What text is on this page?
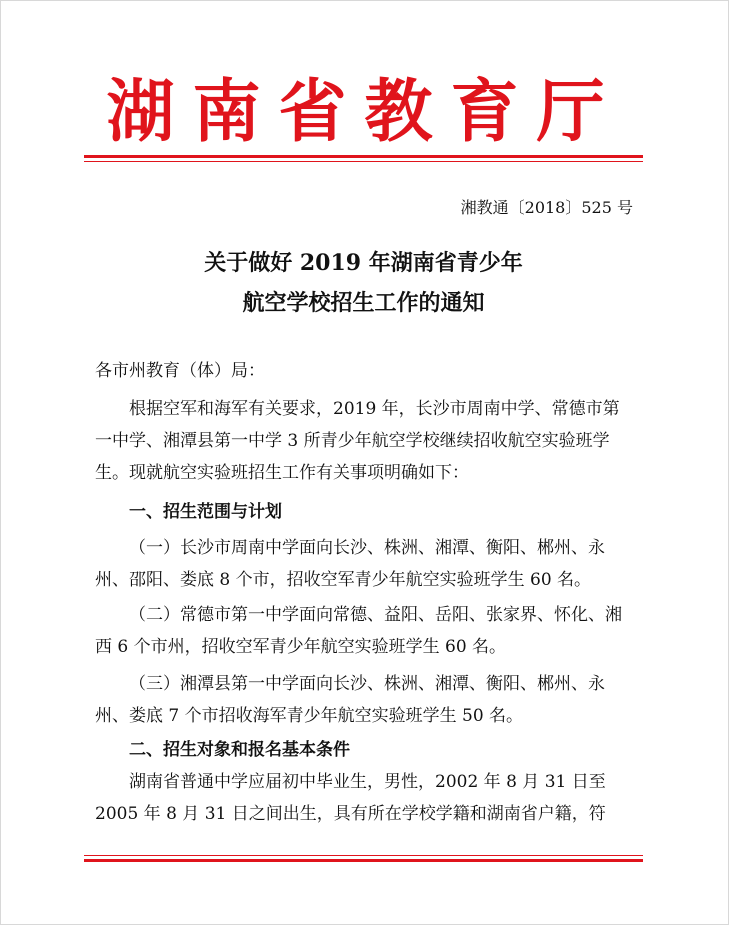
湖南省教育厅
湘教通〔2018〕525 号
关于做好 2019 年湖南省青少年
航空学校招生工作的通知
各市州教育（体）局：
根据空军和海军有关要求，2019 年，长沙市周南中学、常德市第一中学、湘潭县第一中学 3 所青少年航空学校继续招收航空实验班学生。现就航空实验班招生工作有关事项明确如下：
一、招生范围与计划
（一）长沙市周南中学面向长沙、株洲、湘潭、衡阳、郴州、永州、邵阳、娄底 8 个市，招收空军青少年航空实验班学生 60 名。
（二）常德市第一中学面向常德、益阳、岳阳、张家界、怀化、湘西 6 个市州，招收空军青少年航空实验班学生 60 名。
（三）湘潭县第一中学面向长沙、株洲、湘潭、衡阳、郴州、永州、娄底 7 个市招收海军青少年航空实验班学生 50 名。
二、招生对象和报名基本条件
湖南省普通中学应届初中毕业生，男性，2002 年 8 月 31 日至 2005 年 8 月 31 日之间出生，具有所在学校学籍和湖南省户籍，符
